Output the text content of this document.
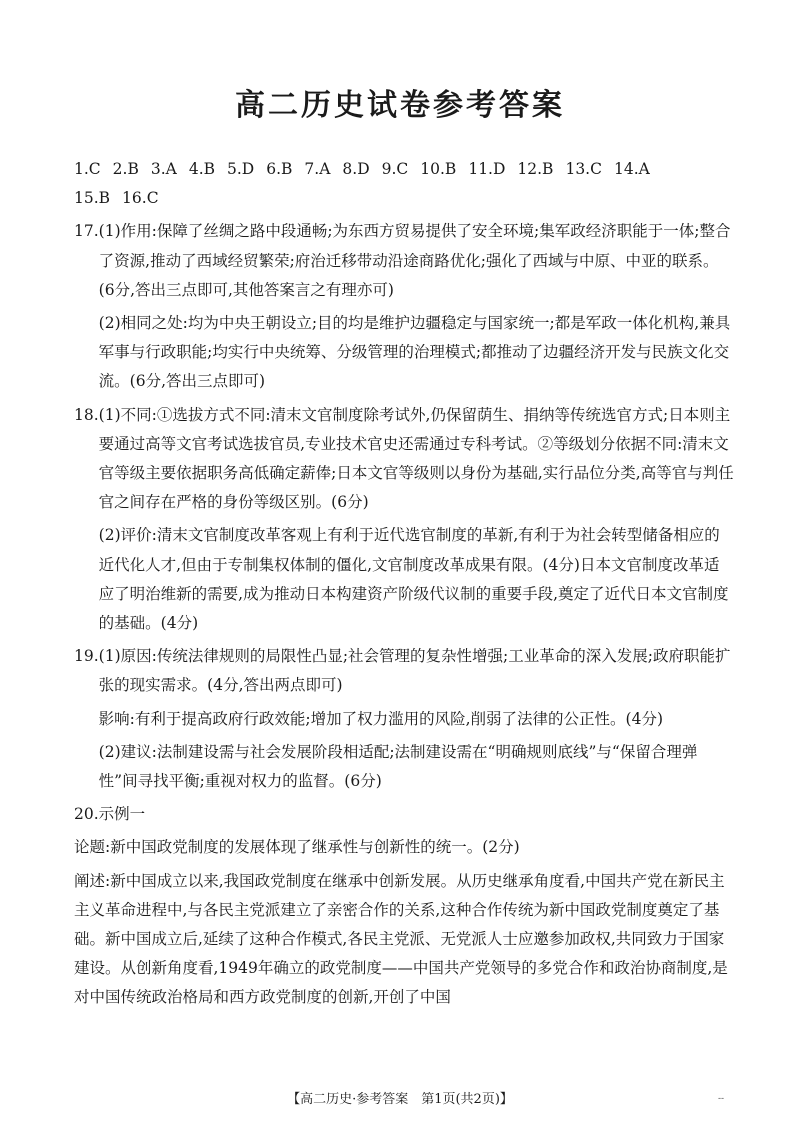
高二历史试卷参考答案
1.C 2.B 3.A 4.B 5.D 6.B 7.A 8.D 9.C 10.B 11.D 12.B 13.C 14.A
15.B 16.C
17. (1)作用:保障了丝绸之路中段通畅;为东西方贸易提供了安全环境;集军政经济职能于一体;整合了资源,推动了西域经贸繁荣;府治迁移带动沿途商路优化;强化了西域与中原、中亚的联系。(6分,答出三点即可,其他答案言之有理亦可)
(2)相同之处:均为中央王朝设立;目的均是维护边疆稳定与国家统一;都是军政一体化机构,兼具军事与行政职能;均实行中央统筹、分级管理的治理模式;都推动了边疆经济开发与民族文化交流。(6分,答出三点即可)
18. (1)不同:①选拔方式不同:清末文官制度除考试外,仍保留荫生、捐纳等传统选官方式;日本则主要通过高等文官考试选拔官员,专业技术官史还需通过专科考试。②等级划分依据不同:清末文官等级主要依据职务高低确定薪俸;日本文官等级则以身份为基础,实行品位分类,高等官与判任官之间存在严格的身份等级区别。(6分)
(2)评价:清末文官制度改革客观上有利于近代选官制度的革新,有利于为社会转型储备相应的近代化人才,但由于专制集权体制的僵化,文官制度改革成果有限。(4分)日本文官制度改革适应了明治维新的需要,成为推动日本构建资产阶级代议制的重要手段,奠定了近代日本文官制度的基础。(4分)
19. (1)原因:传统法律规则的局限性凸显;社会管理的复杂性增强;工业革命的深入发展;政府职能扩张的现实需求。(4分,答出两点即可)
影响:有利于提高政府行政效能;增加了权力滥用的风险,削弱了法律的公正性。(4分)
(2)建议:法制建设需与社会发展阶段相适配;法制建设需在“明确规则底线”与“保留合理弹性”间寻找平衡;重视对权力的监督。(6分)
20. 示例一
论题:新中国政党制度的发展体现了继承性与创新性的统一。(2分)
阐述:新中国成立以来,我国政党制度在继承中创新发展。从历史继承角度看,中国共产党在新民主主义革命进程中,与各民主党派建立了亲密合作的关系,这种合作传统为新中国政党制度奠定了基础。新中国成立后,延续了这种合作模式,各民主党派、无党派人士应邀参加政权,共同致力于国家建设。从创新角度看,1949年确立的政党制度——中国共产党领导的多党合作和政治协商制度,是对中国传统政治格局和西方政党制度的创新,开创了中国
【高二历史·参考答案　第1页(共2页)】	--
